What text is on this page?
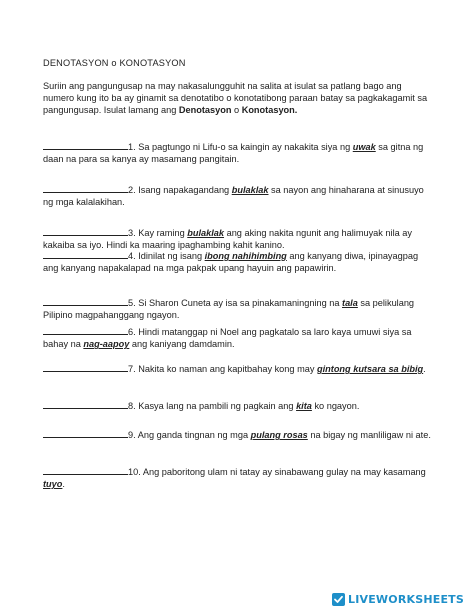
DENOTASYON o KONOTASYON
Suriin ang pangungusap na may nakasalungguhit na salita at isulat sa patlang bago ang numero kung ito ba ay ginamit sa denotatibo o konotatibong paraan batay sa pagkakagamit sa pangungusap. Isulat lamang ang Denotasyon o Konotasyon.
1. Sa pagtungo ni Lifu-o sa kaingin ay nakakita siya ng uwak sa gitna ng daan na para sa kanya ay masamang pangitain.
2. Isang napakagandang bulaklak sa nayon ang hinaharana at sinusuyo ng mga kalalakihan.
3. Kay raming bulaklak ang aking nakita ngunit ang halimuyak nila ay kakaiba sa iyo. Hindi ka maaring ipaghambing kahit kanino.
4. Idinilat ng isang ibong nahihimbing ang kanyang diwa, ipinayagpag ang kanyang napakalapad na mga pakpak upang hayuin ang papawirin.
5. Si Sharon Cuneta ay isa sa pinakamaningning na tala sa pelikulang Pilipino magpahanggang ngayon.
6. Hindi matanggap ni Noel ang pagkatalo sa laro kaya umuwi siya sa bahay na nag-aapoy ang kaniyang damdamin.
7. Nakita ko naman ang kapitbahay kong may gintong kutsara sa bibig.
8. Kasya lang na pambili ng pagkain ang kita ko ngayon.
9. Ang ganda tingnan ng mga pulang rosas na bigay ng manliligaw ni ate.
10. Ang paboritong ulam ni tatay ay sinabawang gulay na may kasamang tuyo.
LIVEWORKSHEETS
